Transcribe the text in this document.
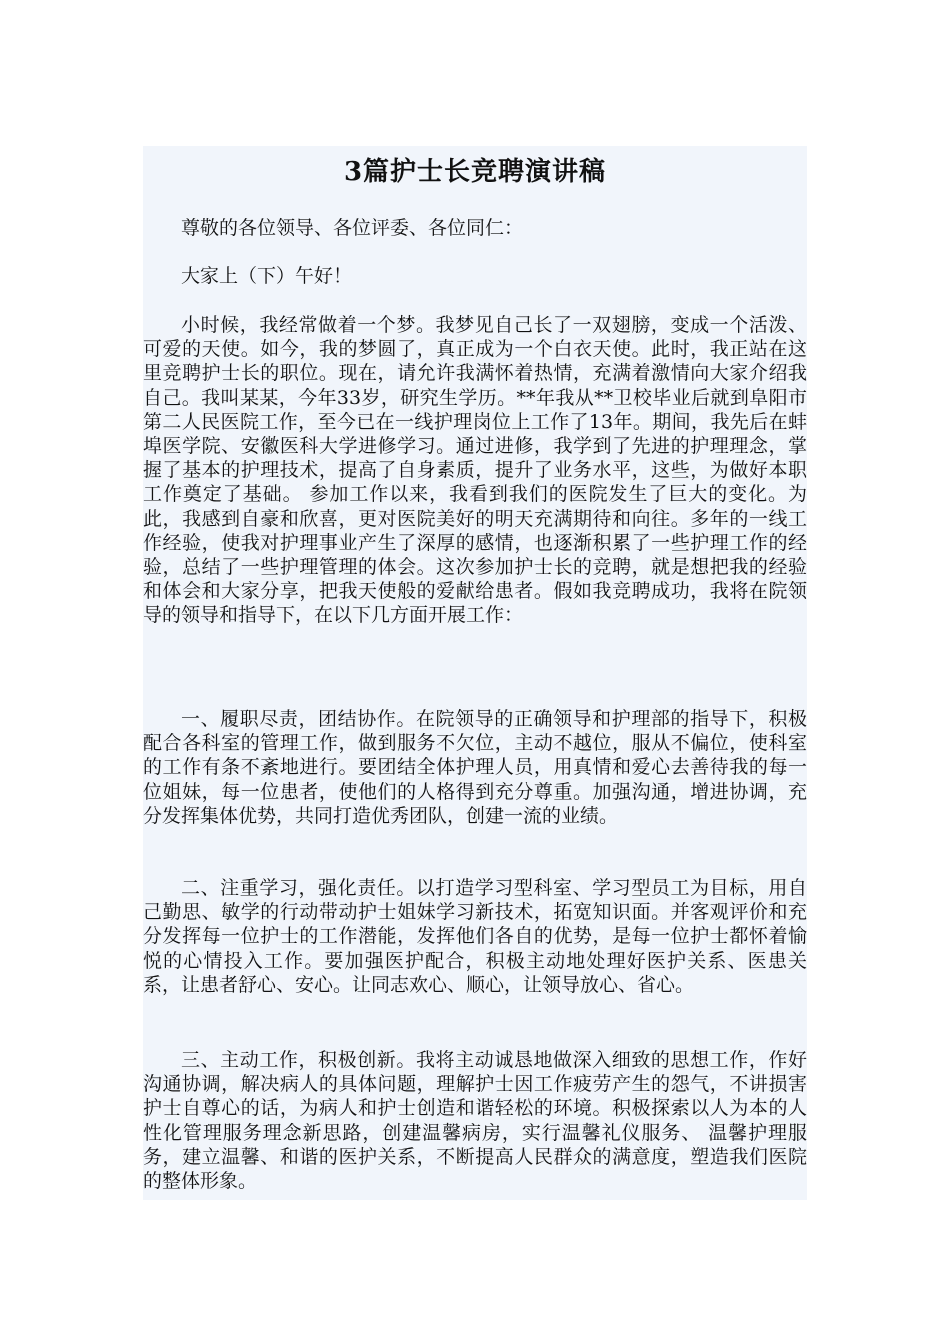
3篇护士长竞聘演讲稿

尊敬的各位领导、各位评委、各位同仁：

大家上（下）午好！

小时候，我经常做着一个梦。我梦见自己长了一双翅膀，变成一个活泼、可爱的天使。如今，我的梦圆了，真正成为一个白衣天使。此时，我正站在这里竞聘护士长的职位。现在，请允许我满怀着热情，充满着激情向大家介绍我自己。我叫某某，今年33岁，研究生学历。**年我从**卫校毕业后就到阜阳市第二人民医院工作，至今已在一线护理岗位上工作了13年。期间，我先后在蚌埠医学院、安徽医科大学进修学习。通过进修，我学到了先进的护理理念，掌握了基本的护理技术，提高了自身素质，提升了业务水平，这些，为做好本职工作奠定了基础。 参加工作以来，我看到我们的医院发生了巨大的变化。为此，我感到自豪和欣喜，更对医院美好的明天充满期待和向往。多年的一线工作经验，使我对护理事业产生了深厚的感情，也逐渐积累了一些护理工作的经验，总结了一些护理管理的体会。这次参加护士长的竞聘，就是想把我的经验和体会和大家分享，把我天使般的爱献给患者。假如我竞聘成功，我将在院领导的领导和指导下，在以下几方面开展工作：

一、履职尽责，团结协作。在院领导的正确领导和护理部的指导下，积极配合各科室的管理工作，做到服务不欠位，主动不越位，服从不偏位，使科室的工作有条不紊地进行。要团结全体护理人员，用真情和爱心去善待我的每一位姐妹，每一位患者，使他们的人格得到充分尊重。加强沟通，增进协调，充分发挥集体优势，共同打造优秀团队，创建一流的业绩。

二、注重学习，强化责任。以打造学习型科室、学习型员工为目标，用自己勤思、敏学的行动带动护士姐妹学习新技术，拓宽知识面。并客观评价和充分发挥每一位护士的工作潜能，发挥他们各自的优势，是每一位护士都怀着愉悦的心情投入工作。要加强医护配合，积极主动地处理好医护关系、医患关系，让患者舒心、安心。让同志欢心、顺心，让领导放心、省心。

三、主动工作，积极创新。我将主动诚恳地做深入细致的思想工作，作好沟通协调，解决病人的具体问题，理解护士因工作疲劳产生的怨气，不讲损害护士自尊心的话，为病人和护士创造和谐轻松的环境。积极探索以人为本的人性化管理服务理念新思路，创建温馨病房，实行温馨礼仪服务、 温馨护理服务，建立温馨、和谐的医护关系，不断提高人民群众的满意度，塑造我们医院的整体形象。
